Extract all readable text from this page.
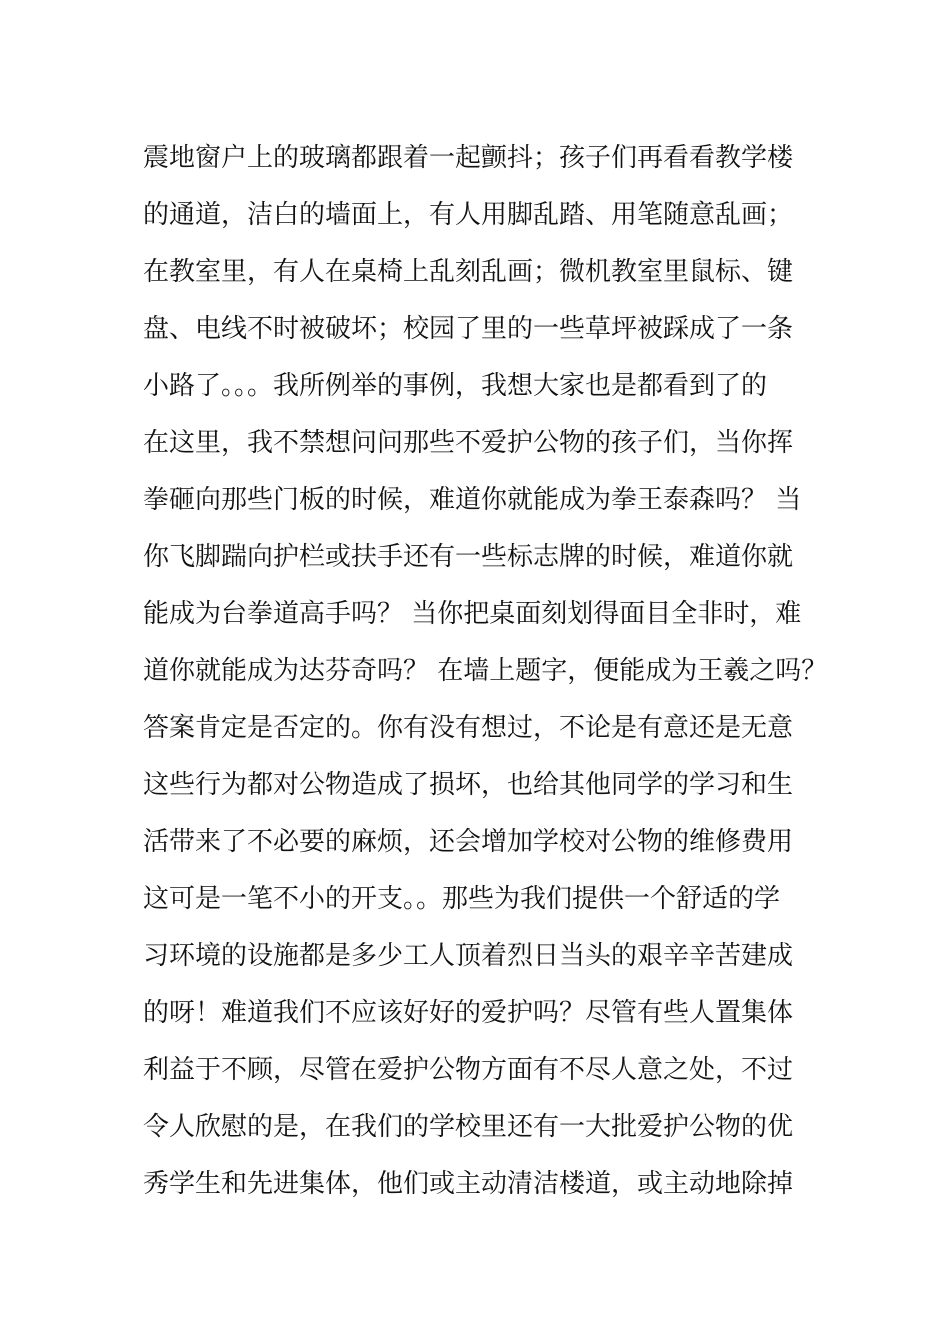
震地窗户上的玻璃都跟着一起颤抖；孩子们再看看教学楼
的通道，洁白的墙面上，有人用脚乱踏、用笔随意乱画；
在教室里，有人在桌椅上乱刻乱画；微机教室里鼠标、键
盘、电线不时被破坏；校园了里的一些草坪被踩成了一条
小路了。。。我所例举的事例，我想大家也是都看到了的
在这里，我不禁想问问那些不爱护公物的孩子们，当你挥
拳砸向那些门板的时候，难道你就能成为拳王泰森吗？ 当
你飞脚踹向护栏或扶手还有一些标志牌的时候，难道你就
能成为台拳道高手吗？ 当你把桌面刻划得面目全非时，难
道你就能成为达芬奇吗？ 在墙上题字，便能成为王羲之吗？
答案肯定是否定的。你有没有想过，不论是有意还是无意
这些行为都对公物造成了损坏，也给其他同学的学习和生
活带来了不必要的麻烦，还会增加学校对公物的维修费用
这可是一笔不小的开支。。那些为我们提供一个舒适的学
习环境的设施都是多少工人顶着烈日当头的艰辛辛苦建成
的呀！难道我们不应该好好的爱护吗？尽管有些人置集体
利益于不顾，尽管在爱护公物方面有不尽人意之处，不过
令人欣慰的是，在我们的学校里还有一大批爱护公物的优
秀学生和先进集体，他们或主动清洁楼道，或主动地除掉
